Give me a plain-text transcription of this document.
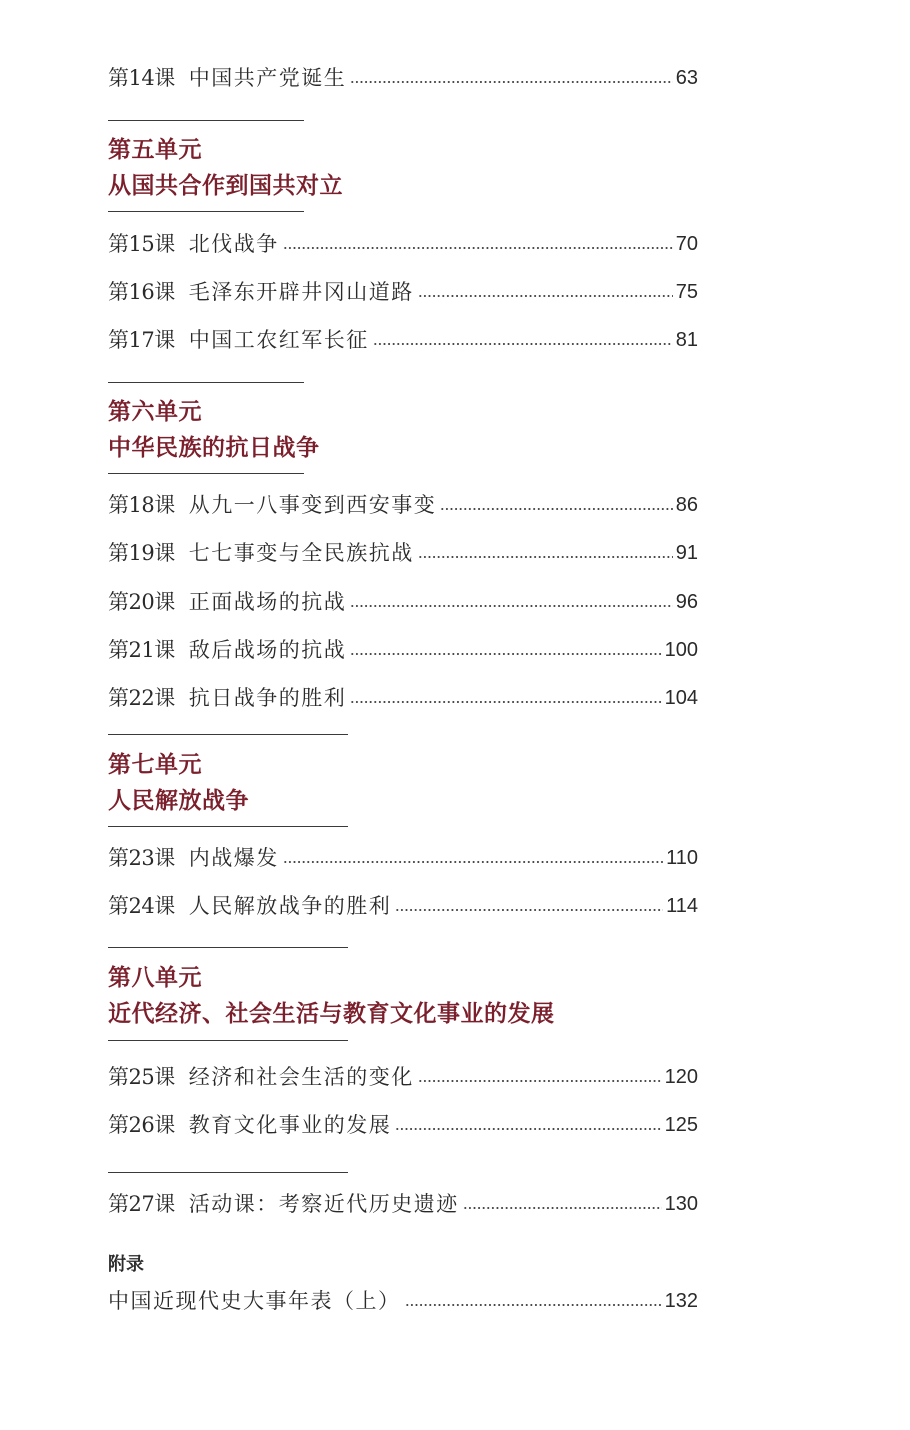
第14课 中国共产党诞生	63
第五单元
从国共合作到国共对立
第15课 北伐战争	70
第16课 毛泽东开辟井冈山道路	75
第17课 中国工农红军长征	81
第六单元
中华民族的抗日战争
第18课 从九一八事变到西安事变	86
第19课 七七事变与全民族抗战	91
第20课 正面战场的抗战	96
第21课 敌后战场的抗战	100
第22课 抗日战争的胜利	104
第七单元
人民解放战争
第23课 内战爆发	110
第24课 人民解放战争的胜利	114
第八单元
近代经济、社会生活与教育文化事业的发展
第25课 经济和社会生活的变化	120
第26课 教育文化事业的发展	125
第27课 活动课：考察近代历史遗迹	130
附录
中国近现代史大事年表（上）	132
